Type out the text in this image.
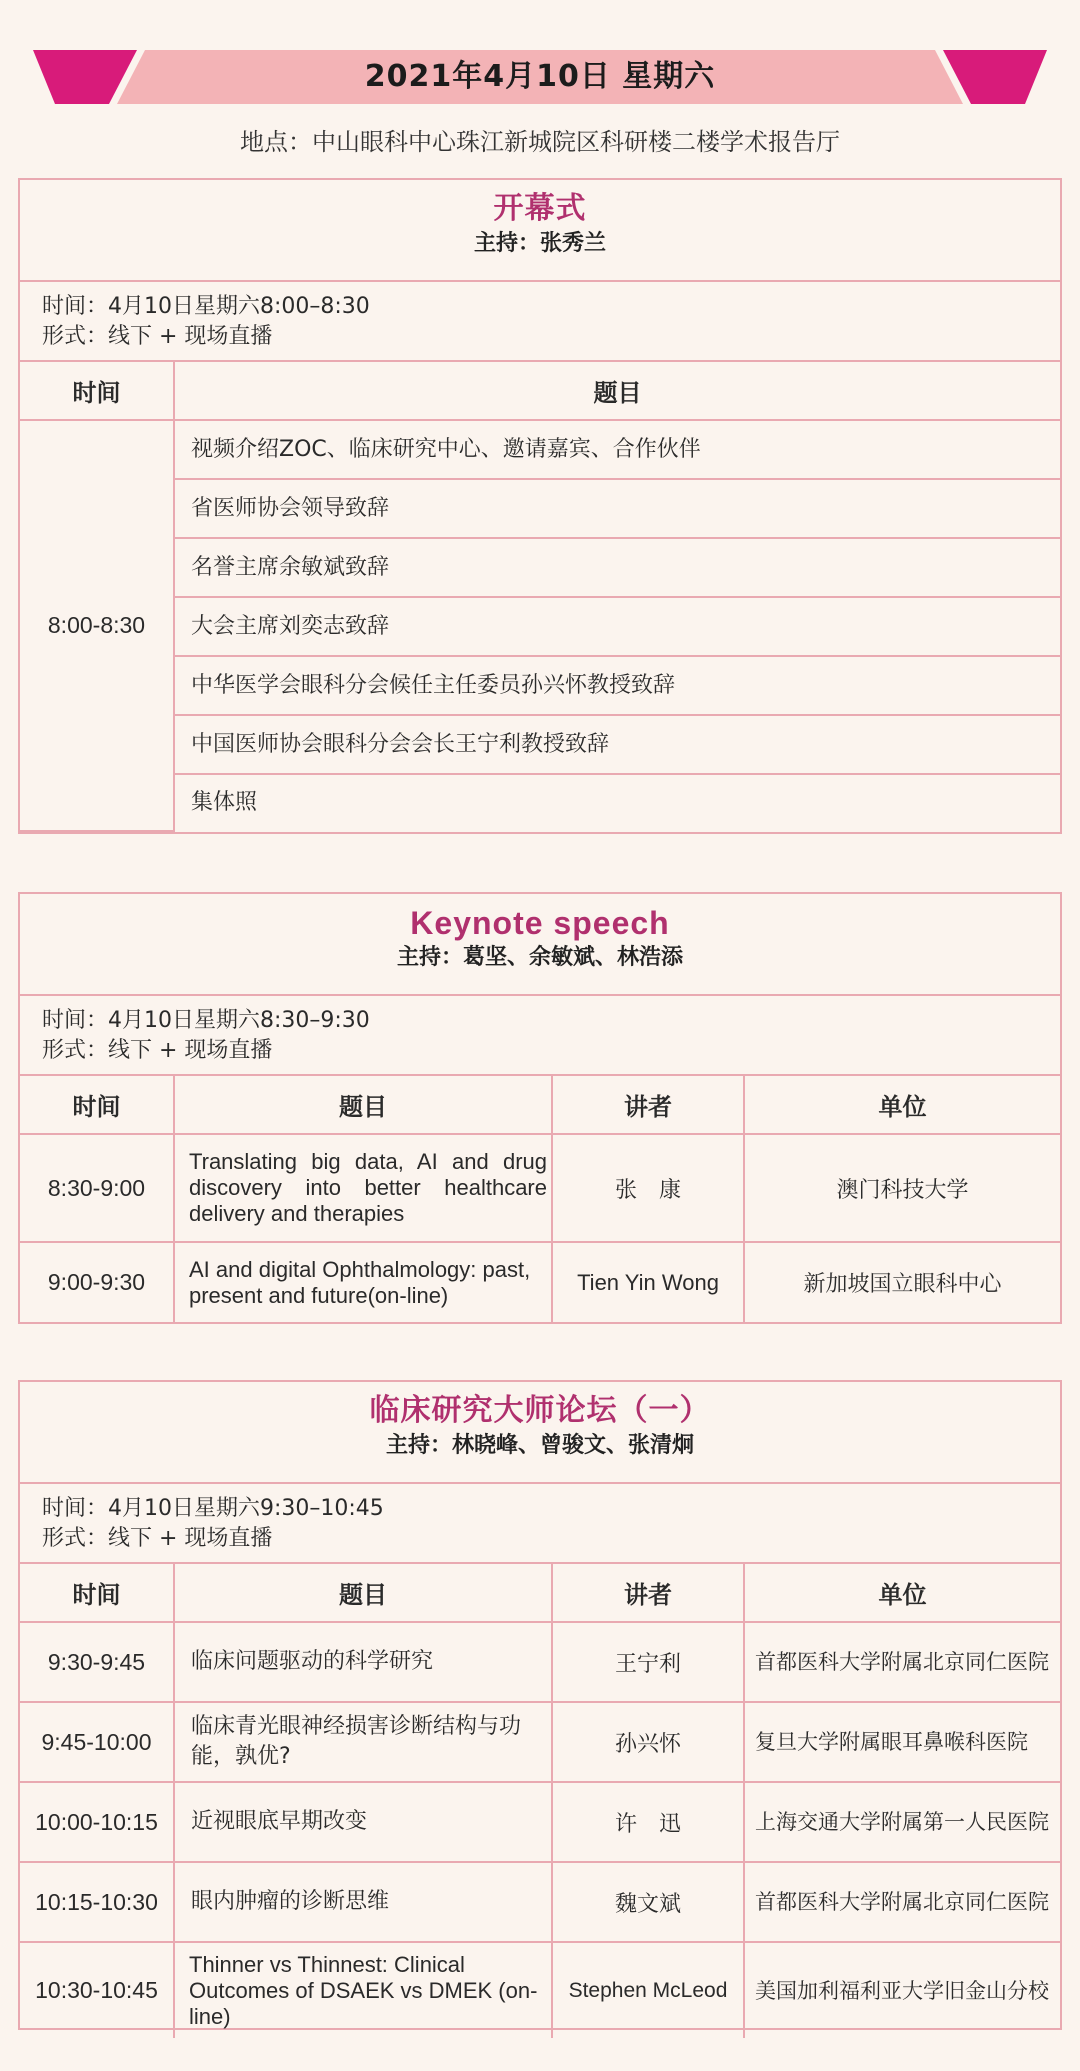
2021年4月10日 星期六
地点：中山眼科中心珠江新城院区科研楼二楼学术报告厅
开幕式
主持：张秀兰
时间：4月10日星期六8:00–8:30
形式：线下 + 现场直播
时间	题目
8:00-8:30	视频介绍ZOC、临床研究中心、邀请嘉宾、合作伙伴
	省医师协会领导致辞
	名誉主席余敏斌致辞
	大会主席刘奕志致辞
	中华医学会眼科分会候任主任委员孙兴怀教授致辞
	中国医师协会眼科分会会长王宁利教授致辞
	集体照
Keynote speech
主持：葛坚、余敏斌、林浩添
时间：4月10日星期六8:30–9:30
形式：线下 + 现场直播
时间	题目	讲者	单位
8:30-9:00	Translating big data, AI and drug discovery into better healthcare delivery and therapies	张　康	澳门科技大学
9:00-9:30	AI and digital Ophthalmology: past, present and future(on-line)	Tien Yin Wong	新加坡国立眼科中心
临床研究大师论坛（一）
主持：林晓峰、曾骏文、张清炯
时间：4月10日星期六9:30–10:45
形式：线下 + 现场直播
时间	题目	讲者	单位
9:30-9:45	临床问题驱动的科学研究	王宁利	首都医科大学附属北京同仁医院
9:45-10:00	临床青光眼神经损害诊断结构与功能，孰优?	孙兴怀	复旦大学附属眼耳鼻喉科医院
10:00-10:15	近视眼底早期改变	许　迅	上海交通大学附属第一人民医院
10:15-10:30	眼内肿瘤的诊断思维	魏文斌	首都医科大学附属北京同仁医院
10:30-10:45	Thinner vs Thinnest: Clinical Outcomes of DSAEK vs DMEK (on-line)	Stephen McLeod	美国加利福利亚大学旧金山分校
